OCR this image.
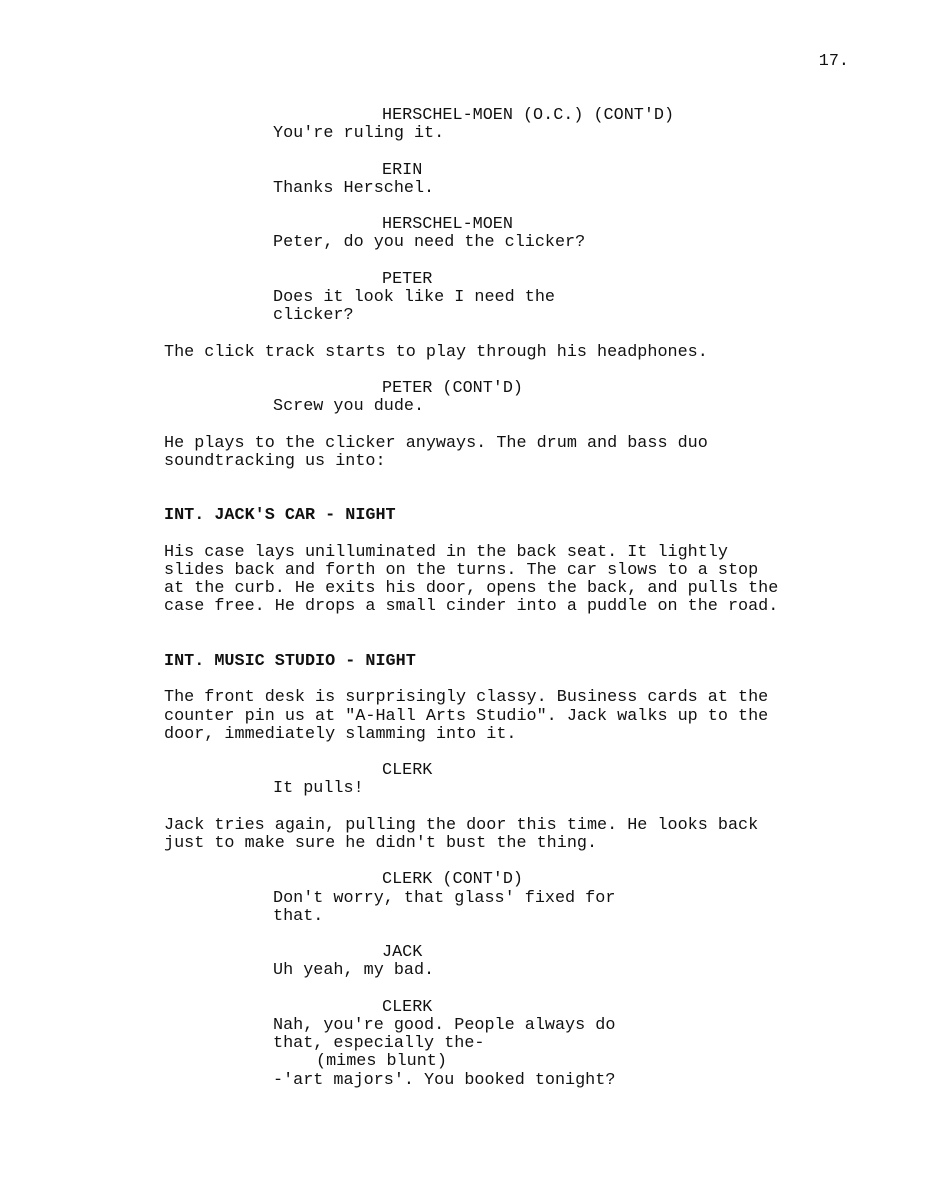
17.
HERSCHEL-MOEN (O.C.) (CONT'D)
You're ruling it.
ERIN
Thanks Herschel.
HERSCHEL-MOEN
Peter, do you need the clicker?
PETER
Does it look like I need the
clicker?
The click track starts to play through his headphones.
PETER (CONT'D)
Screw you dude.
He plays to the clicker anyways. The drum and bass duo
soundtracking us into:
INT. JACK'S CAR - NIGHT
His case lays unilluminated in the back seat. It lightly
slides back and forth on the turns. The car slows to a stop
at the curb. He exits his door, opens the back, and pulls the
case free. He drops a small cinder into a puddle on the road.
INT. MUSIC STUDIO - NIGHT
The front desk is surprisingly classy. Business cards at the
counter pin us at "A-Hall Arts Studio". Jack walks up to the
door, immediately slamming into it.
CLERK
It pulls!
Jack tries again, pulling the door this time. He looks back
just to make sure he didn't bust the thing.
CLERK (CONT'D)
Don't worry, that glass' fixed for
that.
JACK
Uh yeah, my bad.
CLERK
Nah, you're good. People always do
that, especially the-
(mimes blunt)
-'art majors'. You booked tonight?
